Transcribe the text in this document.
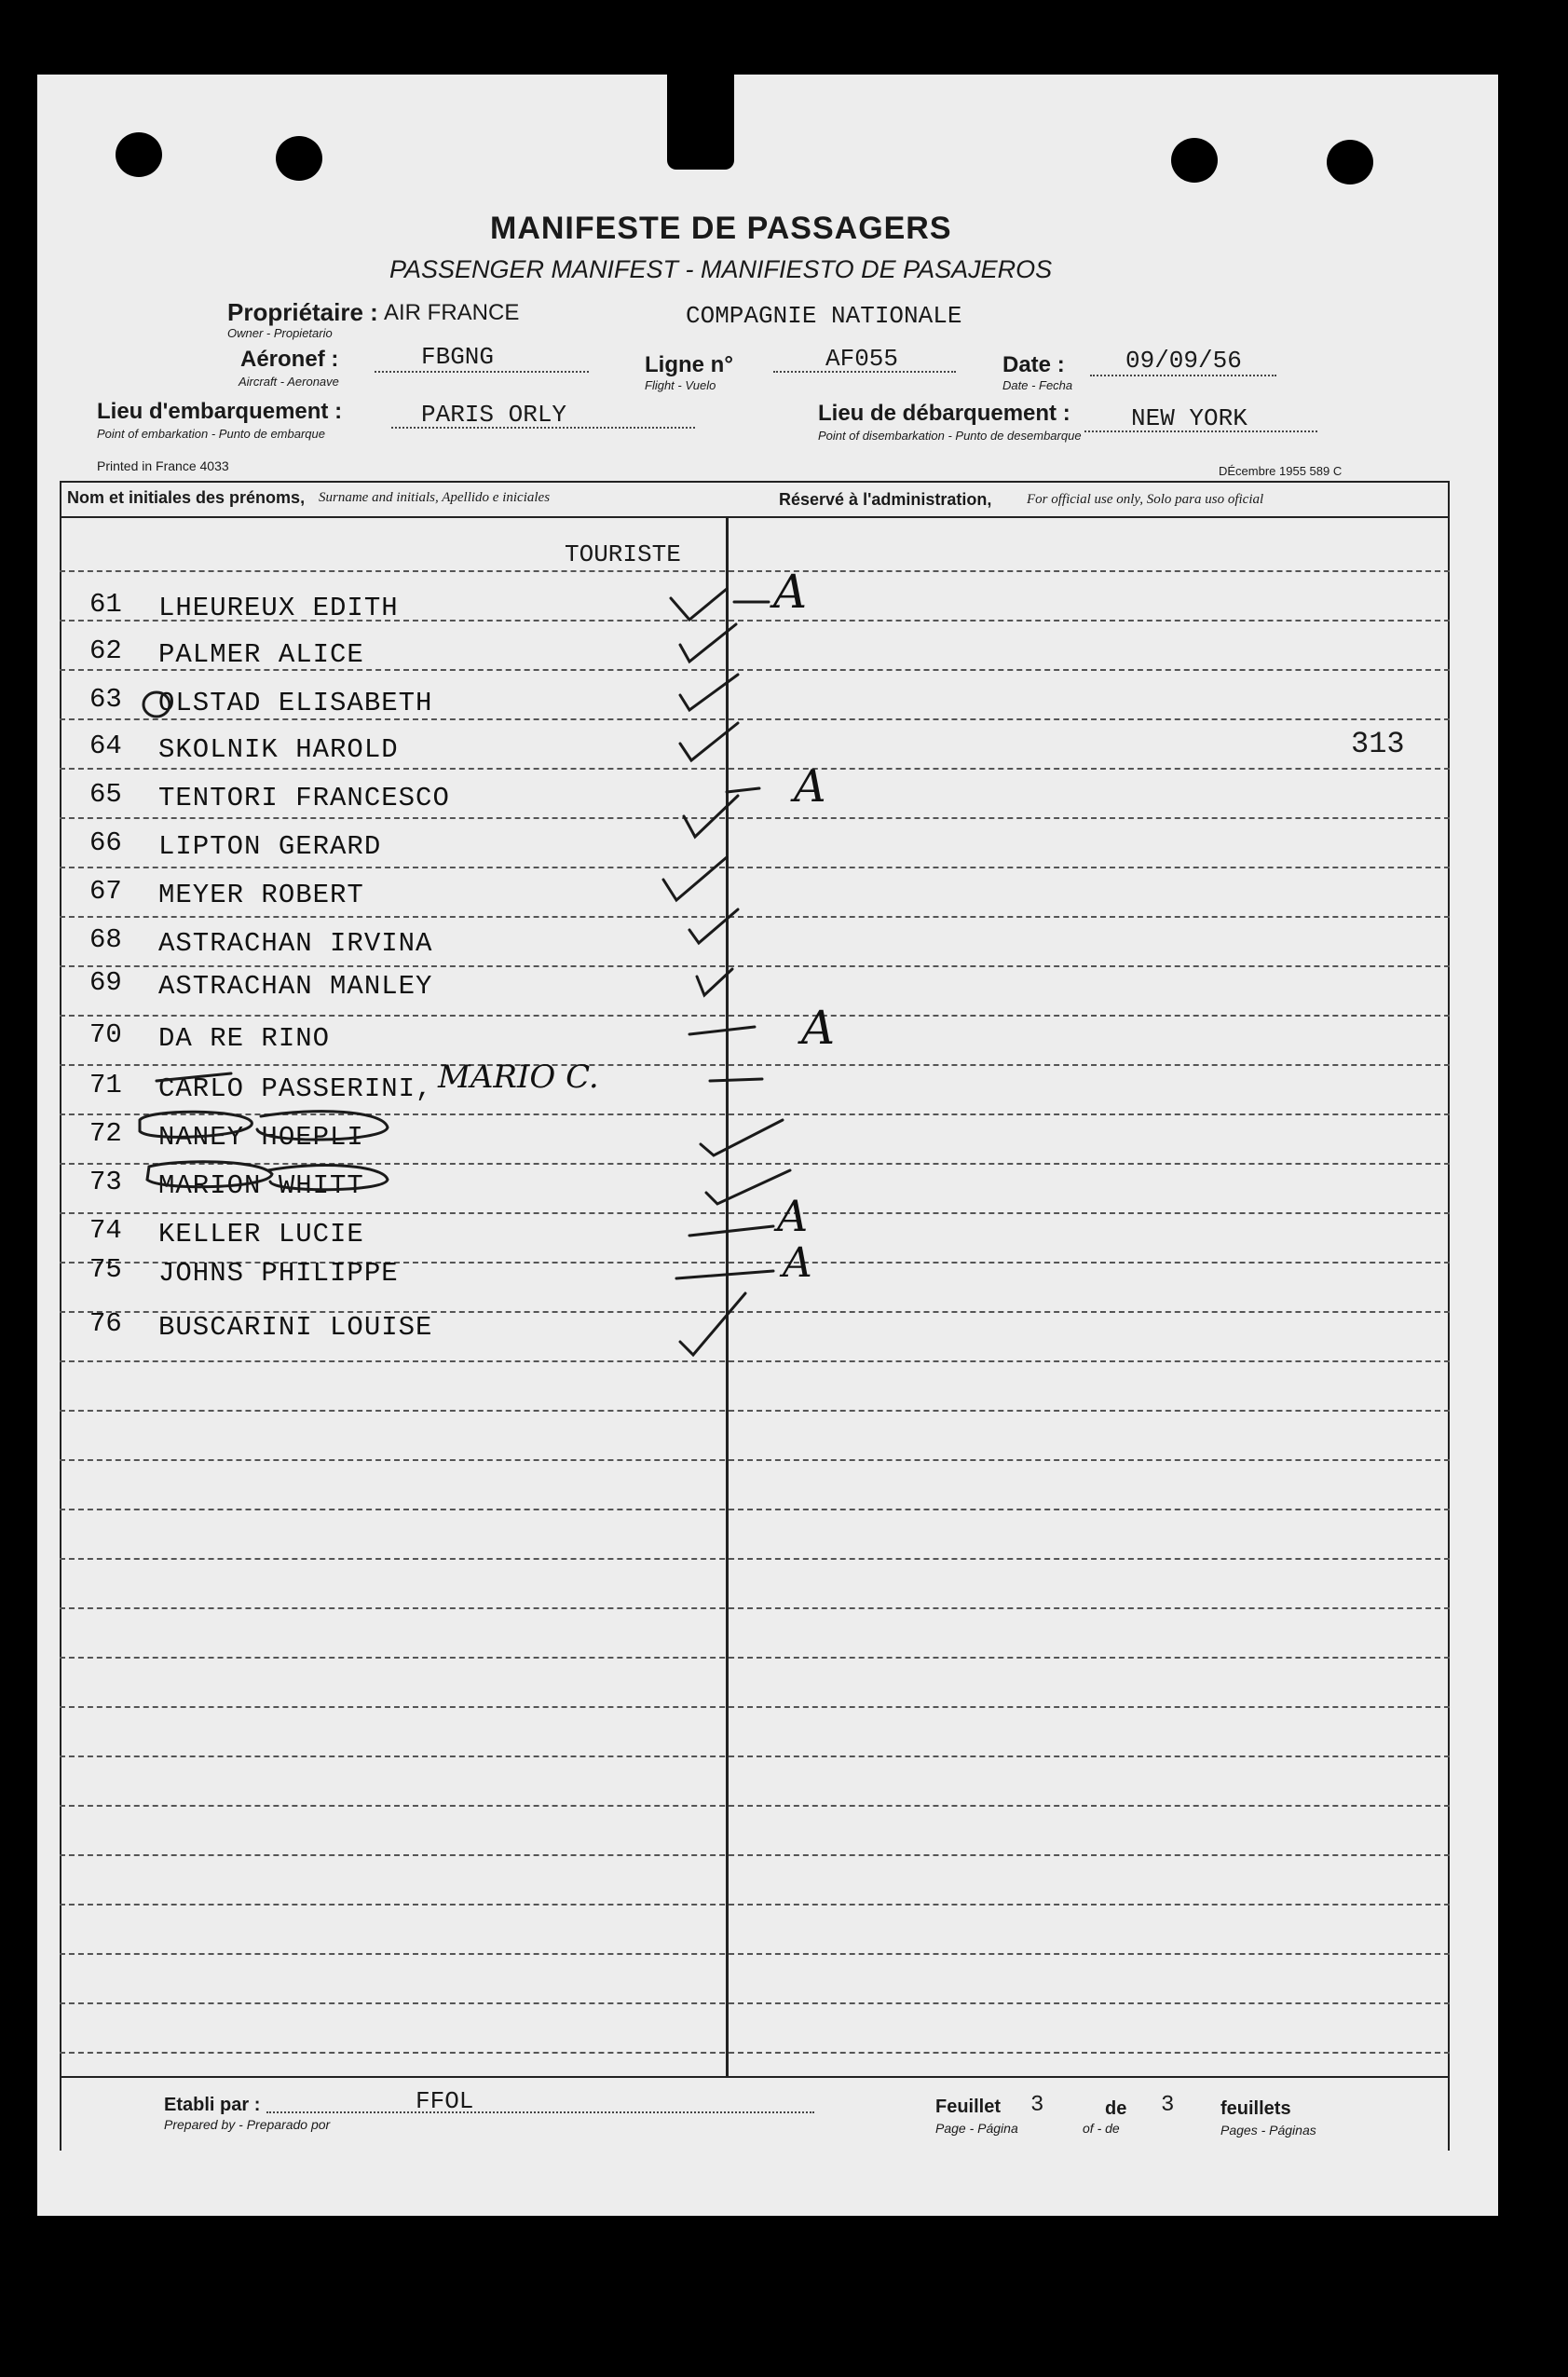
MANIFESTE DE PASSAGERS
PASSENGER MANIFEST - MANIFIESTO DE PASAJEROS
Propriétaire :
Owner - Propietario
AIR FRANCE	COMPAGNIE NATIONALE
Aéronef :
Aircraft - Aeronave
FBGNG	Ligne n°
Flight - Vuelo
AF055	Date :
Date - Fecha
09/09/56
Lieu d'embarquement :
Point of embarkation - Punto de embarque
PARIS ORLY	Lieu de débarquement :
Point of disembarkation - Punto de desembarque
NEW YORK
Printed in France 4033	DÉcembre 1955 589 C
Nom et initiales des prénoms, Surname and initials, Apellido e iniciales	Réservé à l'administration,	For official use only, Solo para uso oficial
TOURISTE
313
61 LHEUREUX EDITH	A
62 PALMER ALICE
63 OLSTAD ELISABETH
64 SKOLNIK HAROLD
65 TENTORI FRANCESCO	A
66 LIPTON GERARD
67 MEYER ROBERT
68 ASTRACHAN IRVINA
69 ASTRACHAN MANLEY
70 DA RE RINO	A
71 CARLO PASSERINI, MARIO C.
72 NANEY HOEPLI
73 MARION WHITT
74 KELLER LUCIE	A
75 JOHNS PHILIPPE	A
76 BUSCARINI LOUISE
Etabli par :
Prepared by - Preparado por
FFOL	Feuillet
Page - Página
3	de
of - de
3 feuillets
Pages - Páginas
